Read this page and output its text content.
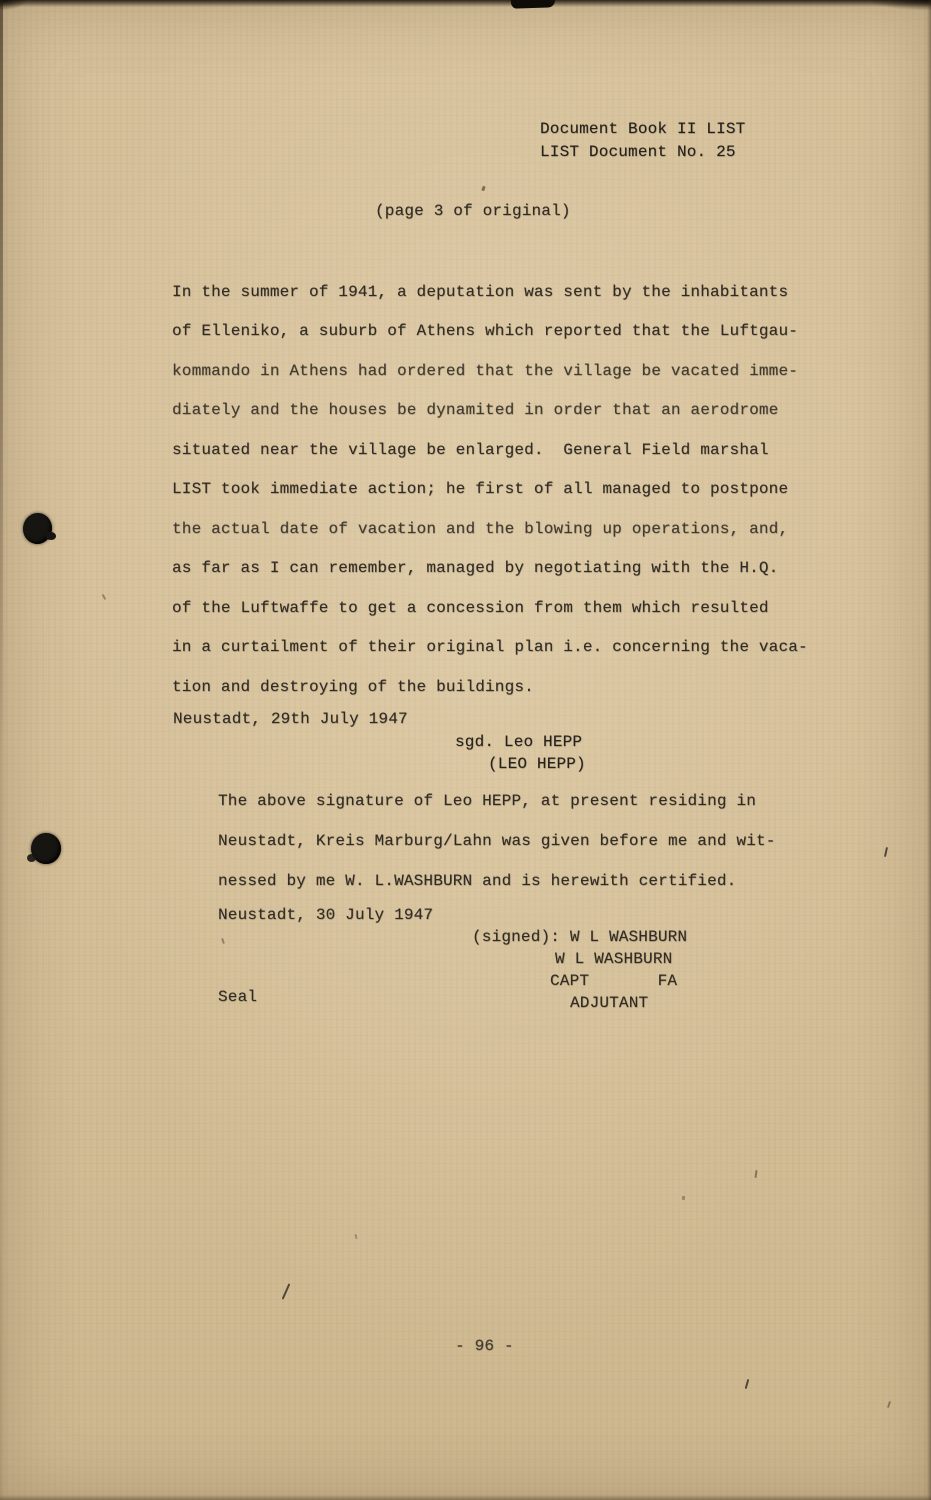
Document Book II LIST
LIST Document No. 25
(page 3 of original)
In the summer of 1941, a deputation was sent by the inhabitants
of Elleniko, a suburb of Athens which reported that the Luftgau-
kommando in Athens had ordered that the village be vacated imme-
diately and the houses be dynamited in order that an aerodrome
situated near the village be enlarged.  General Field marshal
LIST took immediate action; he first of all managed to postpone
the actual date of vacation and the blowing up operations, and,
as far as I can remember, managed by negotiating with the H.Q.
of the Luftwaffe to get a concession from them which resulted
in a curtailment of their original plan i.e. concerning the vaca-
tion and destroying of the buildings.
Neustadt, 29th July 1947
sgd. Leo HEPP
(LEO HEPP)
The above signature of Leo HEPP, at present residing in
Neustadt, Kreis Marburg/Lahn was given before me and wit-
nessed by me W. L.WASHBURN and is herewith certified.
Neustadt, 30 July 1947
(signed): W L WASHBURN
W L WASHBURN
CAPT       FA
ADJUTANT
Seal
- 96 -
